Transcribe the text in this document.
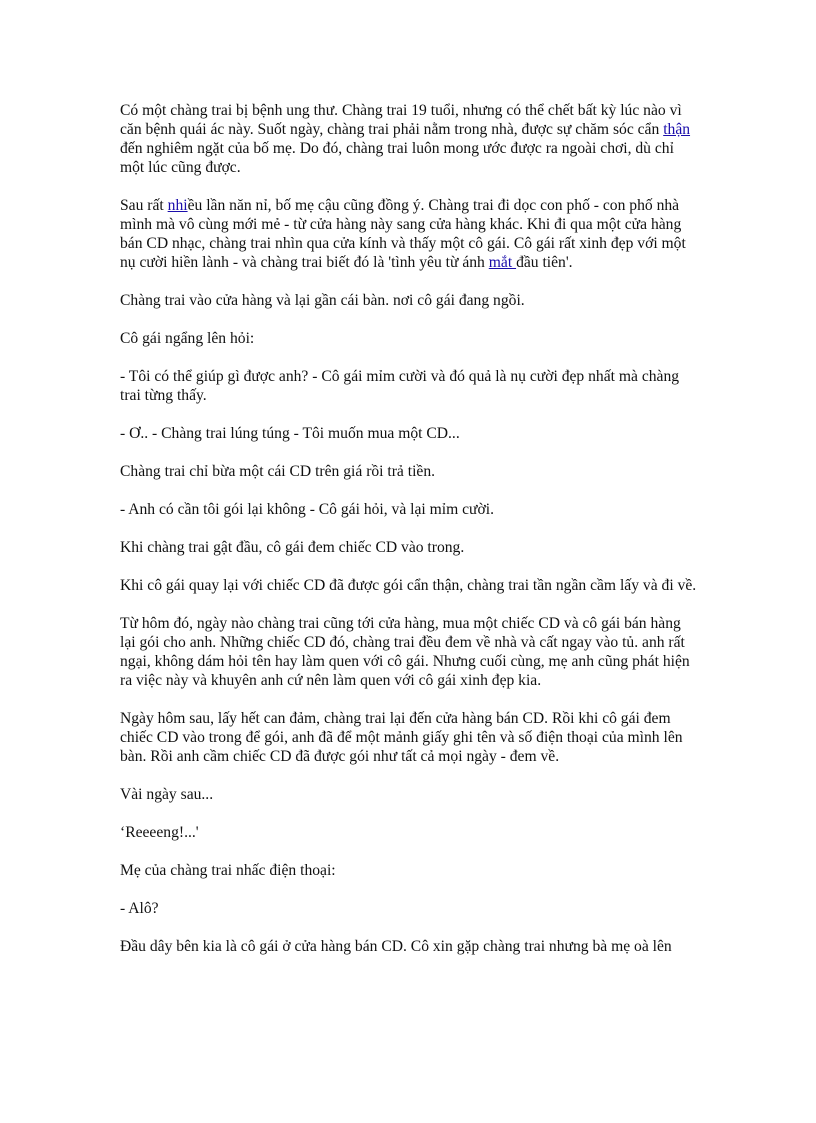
Có một chàng trai bị bệnh ung thư. Chàng trai 19 tuổi, nhưng có thể chết bất kỳ lúc nào vì căn bệnh quái ác này. Suốt ngày, chàng trai phải nằm trong nhà, được sự chăm sóc cẩn thận đến nghiêm ngặt của bố mẹ. Do đó, chàng trai luôn mong ước được ra ngoài chơi, dù chỉ một lúc cũng được.

Sau rất nhiều lần năn nỉ, bố mẹ cậu cũng đồng ý. Chàng trai đi dọc con phố - con phố nhà mình mà vô cùng mới mẻ - từ cửa hàng này sang cửa hàng khác. Khi đi qua một cửa hàng bán CD nhạc, chàng trai nhìn qua cửa kính và thấy một cô gái. Cô gái rất xinh đẹp với một nụ cười hiền lành - và chàng trai biết đó là 'tình yêu từ ánh mắt đầu tiên'.

Chàng trai vào cửa hàng và lại gần cái bàn. nơi cô gái đang ngồi.

Cô gái ngẩng lên hỏi:

- Tôi có thể giúp gì được anh? - Cô gái mỉm cười và đó quả là nụ cười đẹp nhất mà chàng trai từng thấy.

- Ơ.. - Chàng trai lúng túng - Tôi muốn mua một CD...

Chàng trai chỉ bừa một cái CD trên giá rồi trả tiền.

- Anh có cần tôi gói lại không - Cô gái hỏi, và lại mỉm cười.

Khi chàng trai gật đầu, cô gái đem chiếc CD vào trong.

Khi cô gái quay lại với chiếc CD đã được gói cẩn thận, chàng trai tần ngần cầm lấy và đi về.

Từ hôm đó, ngày nào chàng trai cũng tới cửa hàng, mua một chiếc CD và cô gái bán hàng lại gói cho anh. Những chiếc CD đó, chàng trai đều đem về nhà và cất ngay vào tủ. anh rất ngại, không dám hỏi tên hay làm quen với cô gái. Nhưng cuối cùng, mẹ anh cũng phát hiện ra việc này và khuyên anh cứ nên làm quen với cô gái xinh đẹp kia.

Ngày hôm sau, lấy hết can đảm, chàng trai lại đến cửa hàng bán CD. Rồi khi cô gái đem chiếc CD vào trong để gói, anh đã để một mảnh giấy ghi tên và số điện thoại của mình lên bàn. Rồi anh cầm chiếc CD đã được gói như tất cả mọi ngày - đem về.

Vài ngày sau...

‘Reeeeng!...'

Mẹ của chàng trai nhấc điện thoại:

- Alô?

Đầu dây bên kia là cô gái ở cửa hàng bán CD. Cô xin gặp chàng trai nhưng bà mẹ oà lên
